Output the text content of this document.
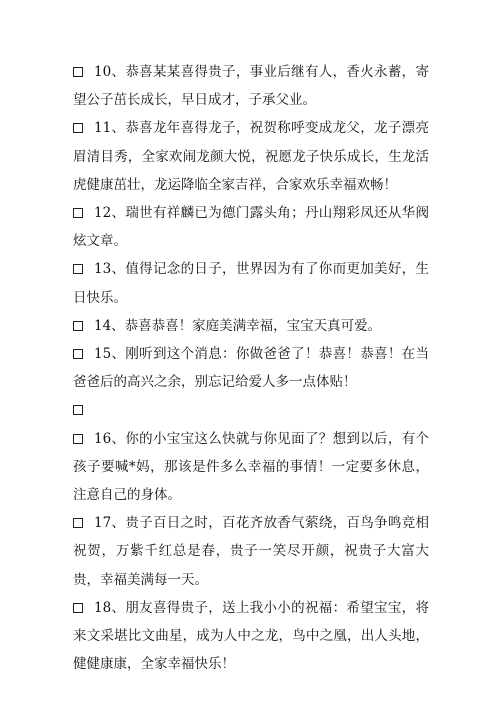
10、恭喜某某喜得贵子，事业后继有人，香火永蓄，寄望公子茁长成长，早日成才，子承父业。

11、恭喜龙年喜得龙子，祝贺称呼变成龙父，龙子漂亮眉清目秀，全家欢闹龙颜大悦，祝愿龙子快乐成长，生龙活虎健康茁壮，龙运降临全家吉祥，合家欢乐幸福欢畅！

12、瑞世有祥麟已为德门露头角；丹山翔彩凤还从华阀炫文章。

13、值得记念的日子，世界因为有了你而更加美好，生日快乐。

14、恭喜恭喜！家庭美满幸福，宝宝天真可爱。

15、刚听到这个消息：你做爸爸了！恭喜！恭喜！在当爸爸后的高兴之余，别忘记给爱人多一点体贴！

16、你的小宝宝这么快就与你见面了？想到以后，有个孩子要喊*妈，那该是件多么幸福的事情！一定要多休息，注意自己的身体。

17、贵子百日之时，百花齐放香气萦绕，百鸟争鸣竞相祝贺，万紫千红总是春，贵子一笑尽开颜，祝贵子大富大贵，幸福美满每一天。

18、朋友喜得贵子，送上我小小的祝福：希望宝宝，将来文采堪比文曲星，成为人中之龙，鸟中之凰，出人头地，健健康康，全家幸福快乐！
